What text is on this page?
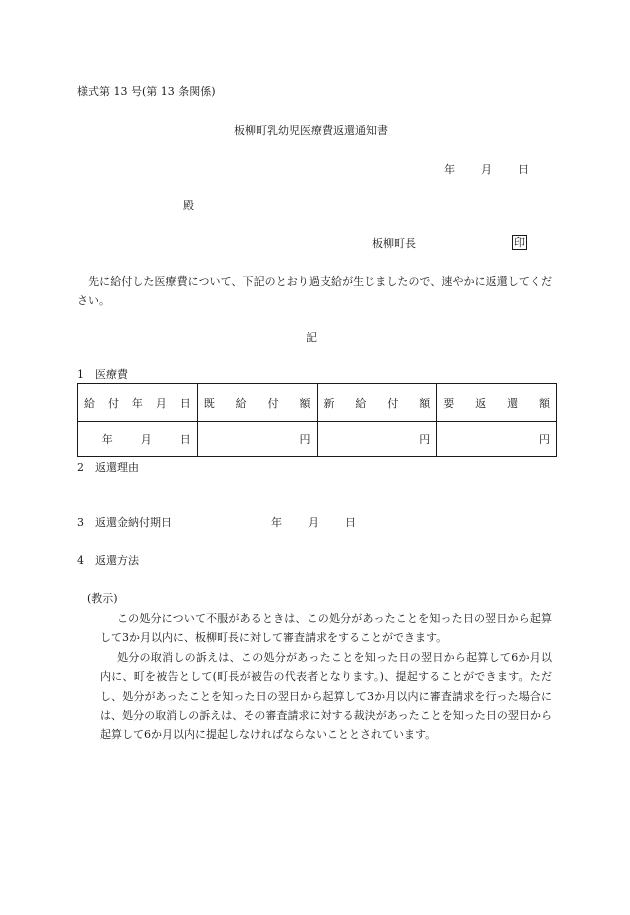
様式第 13 号(第 13 条関係)
板柳町乳幼児医療費返還通知書
年 月 日
殿
板柳町長	印
　先に給付した医療費について、下記のとおり過支給が生じましたので、速やかに返還してください。
記
1　医療費
給 付 年 月 日	既 給 付 額	新 給 付 額	要 返 還 額

年 月 日	円	円	円
2　返還理由
3　返還金納付期日	年 月 日
4　返還方法
(教示)
この処分について不服があるときは、この処分があったことを知った日の翌日から起算して3か月以内に、板柳町長に対して審査請求をすることができます。
処分の取消しの訴えは、この処分があったことを知った日の翌日から起算して6か月以内に、町を被告として(町長が被告の代表者となります。)、提起することができます。ただし、処分があったことを知った日の翌日から起算して3か月以内に審査請求を行った場合には、処分の取消しの訴えは、その審査請求に対する裁決があったことを知った日の翌日から起算して6か月以内に提起しなければならないこととされています。
